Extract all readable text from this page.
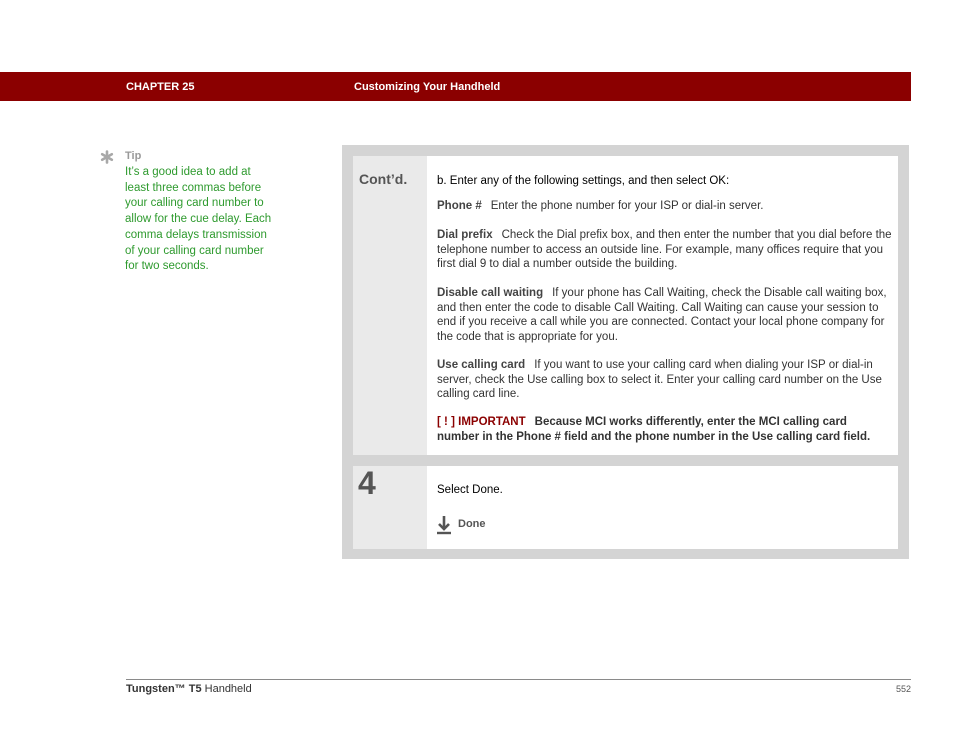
CHAPTER 25	Customizing Your Handheld
Tip
It’s a good idea to add at least three commas before your calling card number to allow for the cue delay. Each comma delays transmission of your calling card number for two seconds.
Cont’d.	b. Enter any of the following settings, and then select OK:
Phone # Enter the phone number for your ISP or dial-in server.
Dial prefix Check the Dial prefix box, and then enter the number that you dial before the telephone number to access an outside line. For example, many offices require that you first dial 9 to dial a number outside the building.
Disable call waiting If your phone has Call Waiting, check the Disable call waiting box, and then enter the code to disable Call Waiting. Call Waiting can cause your session to end if you receive a call while you are connected. Contact your local phone company for the code that is appropriate for you.
Use calling card If you want to use your calling card when dialing your ISP or dial-in server, check the Use calling box to select it. Enter your calling card number on the Use calling card line.
[ ! ] IMPORTANT Because MCI works differently, enter the MCI calling card number in the Phone # field and the phone number in the Use calling card field.
4	Select Done.
Done
Tungsten™ T5 Handheld	552
